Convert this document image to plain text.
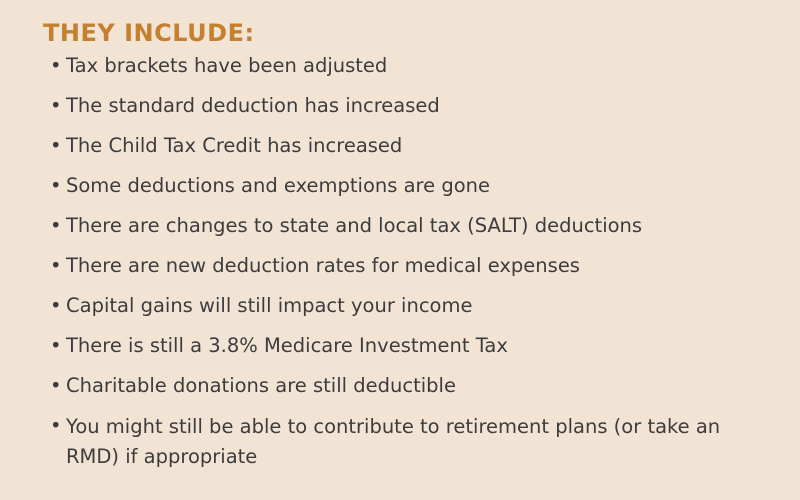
THEY INCLUDE:
• Tax brackets have been adjusted
• The standard deduction has increased
• The Child Tax Credit has increased
• Some deductions and exemptions are gone
• There are changes to state and local tax (SALT) deductions
• There are new deduction rates for medical expenses
• Capital gains will still impact your income
• There is still a 3.8% Medicare Investment Tax
• Charitable donations are still deductible
• You might still be able to contribute to retirement plans (or take an RMD) if appropriate
